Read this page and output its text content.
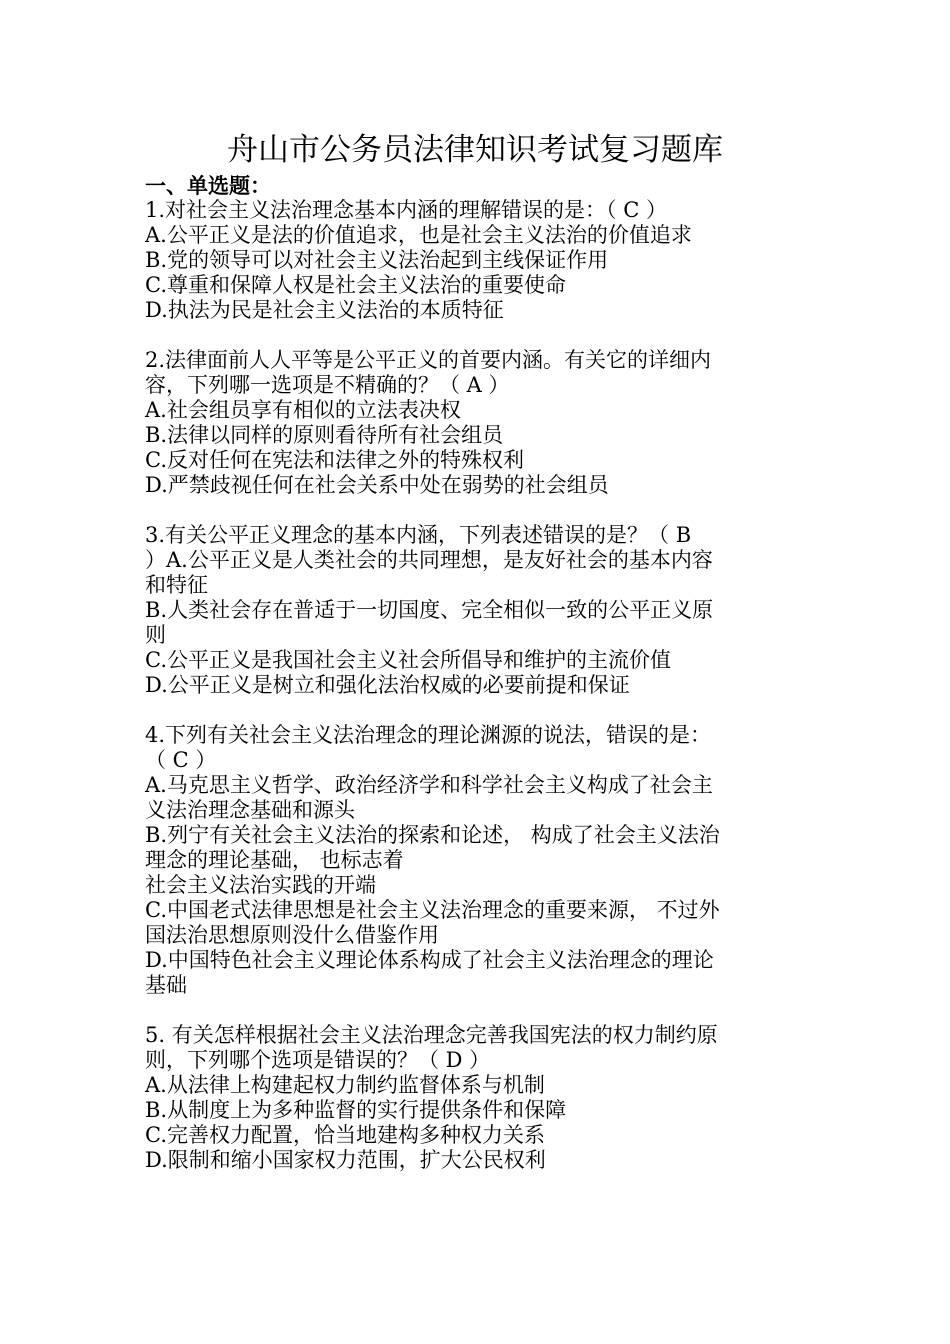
舟山市公务员法律知识考试复习题库
一、单选题：
1.对社会主义法治理念基本内涵的理解错误的是：（ C ）
A.公平正义是法的价值追求，也是社会主义法治的价值追求
B.党的领导可以对社会主义法治起到主线保证作用
C.尊重和保障人权是社会主义法治的重要使命
D.执法为民是社会主义法治的本质特征
2.法律面前人人平等是公平正义的首要内涵。有关它的详细内
容，下列哪一选项是不精确的？（ A ）
A.社会组员享有相似的立法表决权
B.法律以同样的原则看待所有社会组员
C.反对任何在宪法和法律之外的特殊权利
D.严禁歧视任何在社会关系中处在弱势的社会组员
3.有关公平正义理念的基本内涵，下列表述错误的是？（ B
）A.公平正义是人类社会的共同理想，是友好社会的基本内容
和特征
B.人类社会存在普适于一切国度、完全相似一致的公平正义原
则
C.公平正义是我国社会主义社会所倡导和维护的主流价值
D.公平正义是树立和强化法治权威的必要前提和保证
4.下列有关社会主义法治理念的理论渊源的说法，错误的是：
（ C ）
A.马克思主义哲学、政治经济学和科学社会主义构成了社会主
义法治理念基础和源头
B.列宁有关社会主义法治的探索和论述， 构成了社会主义法治
理念的理论基础， 也标志着
社会主义法治实践的开端
C.中国老式法律思想是社会主义法治理念的重要来源， 不过外
国法治思想原则没什么借鉴作用
D.中国特色社会主义理论体系构成了社会主义法治理念的理论
基础
5. 有关怎样根据社会主义法治理念完善我国宪法的权力制约原
则，下列哪个选项是错误的？（ D ）
A.从法律上构建起权力制约监督体系与机制
B.从制度上为多种监督的实行提供条件和保障
C.完善权力配置，恰当地建构多种权力关系
D.限制和缩小国家权力范围，扩大公民权利
